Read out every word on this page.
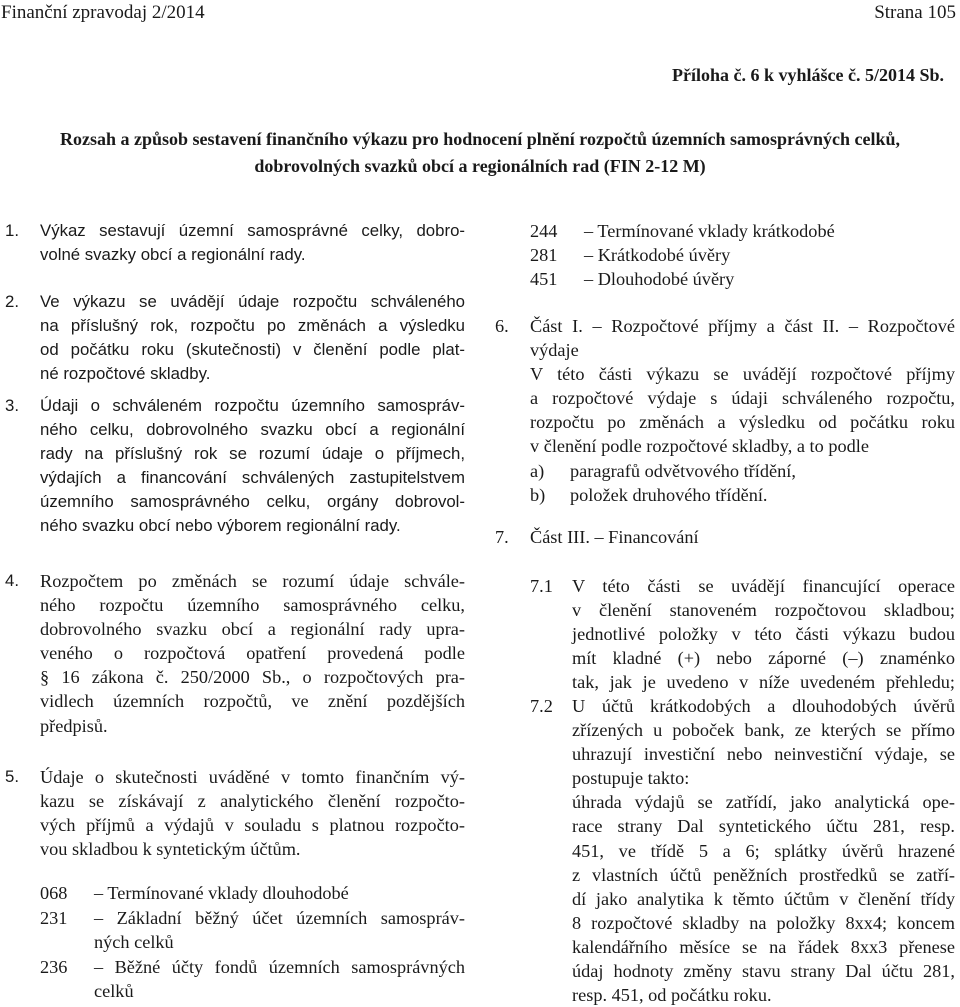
Finanční zpravodaj 2/2014	Strana 105
Příloha č. 6 k vyhlášce č. 5/2014 Sb.
Rozsah a způsob sestavení finančního výkazu pro hodnocení plnění rozpočtů územních samosprávných celků,
dobrovolných svazků obcí a regionálních rad (FIN 2-12 M)
1. Výkaz sestavují územní samosprávné celky, dobro-
volné svazky obcí a regionální rady.
2. Ve výkazu se uvádějí údaje rozpočtu schváleného
na příslušný rok, rozpočtu po změnách a výsledku
od počátku roku (skutečnosti) v členění podle plat-
né rozpočtové skladby.
3. Údaji o schváleném rozpočtu územního samospráv-
ného celku, dobrovolného svazku obcí a regionální
rady na příslušný rok se rozumí údaje o příjmech,
výdajích a financování schválených zastupitelstvem
územního samosprávného celku, orgány dobrovol-
ného svazku obcí nebo výborem regionální rady.
4. Rozpočtem po změnách se rozumí údaje schvále-
ného rozpočtu územního samosprávného celku,
dobrovolného svazku obcí a regionální rady upra-
veného o rozpočtová opatření provedená podle
§ 16 zákona č. 250/2000 Sb., o rozpočtových pra-
vidlech územních rozpočtů, ve znění pozdějších
předpisů.
5. Údaje o skutečnosti uváděné v tomto finančním vý-
kazu se získávají z analytického členění rozpočto-
vých příjmů a výdajů v souladu s platnou rozpočto-
vou skladbou k syntetickým účtům.
068 – Termínované vklady dlouhodobé
231 – Základní běžný účet územních samospráv-
ných celků
236 – Běžné účty fondů územních samosprávných
celků
244 – Termínované vklady krátkodobé
281 – Krátkodobé úvěry
451 – Dlouhodobé úvěry
6. Část I. – Rozpočtové příjmy a část II. – Rozpočtové
výdaje
V této části výkazu se uvádějí rozpočtové příjmy
a rozpočtové výdaje s údaji schváleného rozpočtu,
rozpočtu po změnách a výsledku od počátku roku
v členění podle rozpočtové skladby, a to podle
a) paragrafů odvětvového třídění,
b) položek druhového třídění.
7. Část III. – Financování
7.1 V této části se uvádějí financující operace
v členění stanoveném rozpočtovou skladbou;
jednotlivé položky v této části výkazu budou
mít kladné (+) nebo záporné (–) znaménko
tak, jak je uvedeno v níže uvedeném přehledu;
7.2 U účtů krátkodobých a dlouhodobých úvěrů
zřízených u poboček bank, ze kterých se přímo
uhrazují investiční nebo neinvestiční výdaje, se
postupuje takto:
úhrada výdajů se zatřídí, jako analytická ope-
race strany Dal syntetického účtu 281, resp.
451, ve třídě 5 a 6; splátky úvěrů hrazené
z vlastních účtů peněžních prostředků se zatří-
dí jako analytika k těmto účtům v členění třídy
8 rozpočtové skladby na položky 8xx4; koncem
kalendářního měsíce se na řádek 8xx3 přenese
údaj hodnoty změny stavu strany Dal účtu 281,
resp. 451, od počátku roku.
